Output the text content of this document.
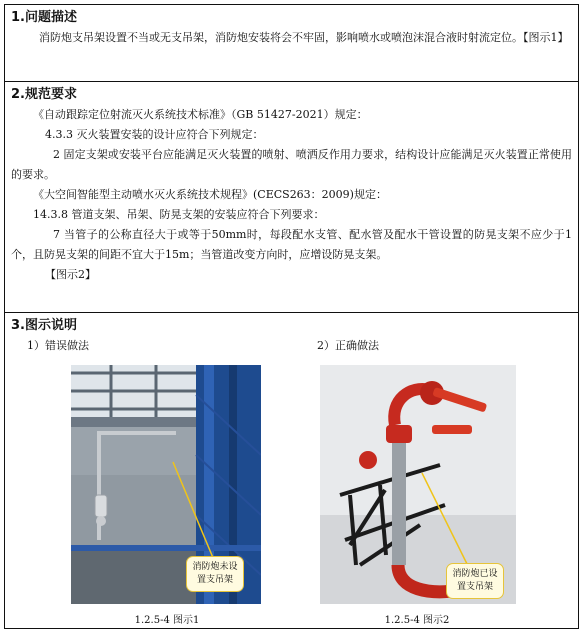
1.问题描述

消防炮支吊架设置不当或无支吊架，消防炮安装将会不牢固，影响喷水或喷泡沫混合液时射流定位。【图示1】

2.规范要求

《自动跟踪定位射流灭火系统技术标准》（GB 51427-2021）规定：

4.3.3 灭火装置安装的设计应符合下列规定：

2 固定支架或安装平台应能满足灭火装置的喷射、喷洒反作用力要求，结构设计应能满足灭火装置正常使用的要求。

《大空间智能型主动喷水灭火系统技术规程》(CECS263：2009)规定：

14.3.8 管道支架、吊架、防晃支架的安装应符合下列要求：

7 当管子的公称直径大于或等于50mm时，每段配水支管、配水管及配水干管设置的防晃支架不应少于1个，且防晃支架的间距不宜大于15m；当管道改变方向时，应增设防晃支架。

【图示2】

3.图示说明
1）错误做法	2）正确做法
消防炮未设置支吊架
消防炮已设置支吊架
1.2.5-4 图示1	1.2.5-4 图示2
